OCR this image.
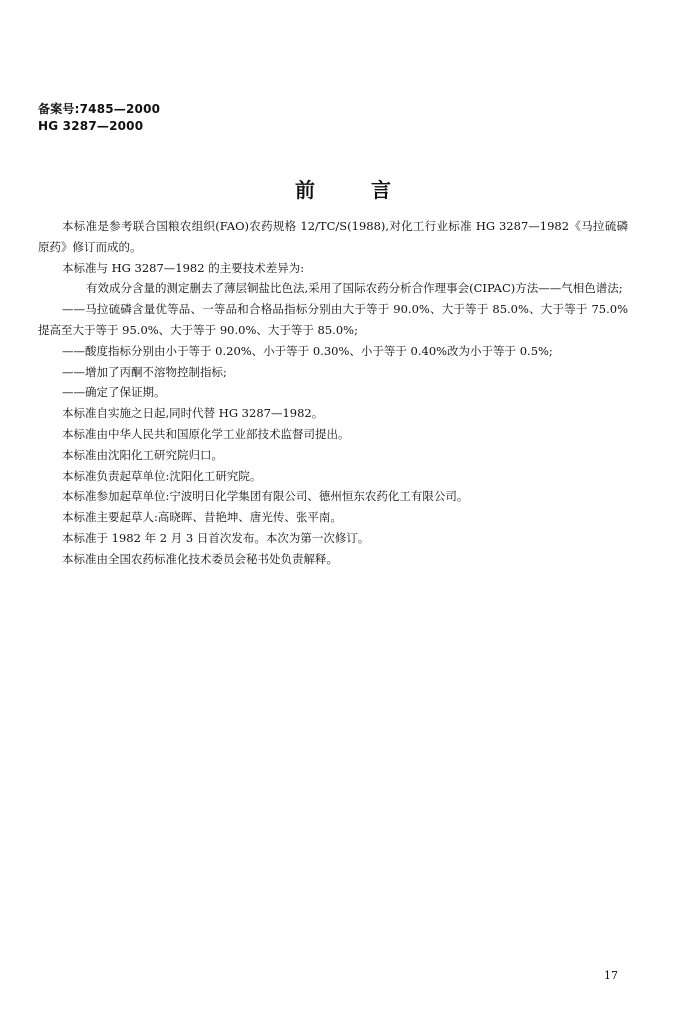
备案号:7485—2000
HG 3287—2000
前言

本标准是参考联合国粮农组织(FAO)农药规格 12/TC/S(1988),对化工行业标准 HG 3287—1982《马拉硫磷原药》修订而成的。

本标准与 HG 3287—1982 的主要技术差异为:

有效成分含量的测定删去了薄层铜盐比色法,采用了国际农药分析合作理事会(CIPAC)方法——气相色谱法;

——马拉硫磷含量优等品、一等品和合格品指标分别由大于等于 90.0%、大于等于 85.0%、大于等于 75.0%提高至大于等于 95.0%、大于等于 90.0%、大于等于 85.0%;

——酸度指标分别由小于等于 0.20%、小于等于 0.30%、小于等于 0.40%改为小于等于 0.5%;

——增加了丙酮不溶物控制指标;

——确定了保证期。

本标准自实施之日起,同时代替 HG 3287—1982。

本标准由中华人民共和国原化学工业部技术监督司提出。

本标准由沈阳化工研究院归口。

本标准负责起草单位:沈阳化工研究院。

本标准参加起草单位:宁波明日化学集团有限公司、德州恒东农药化工有限公司。

本标准主要起草人:高晓晖、昔艳坤、唐光传、张平南。

本标准于 1982 年 2 月 3 日首次发布。本次为第一次修订。

本标准由全国农药标准化技术委员会秘书处负责解释。

17
